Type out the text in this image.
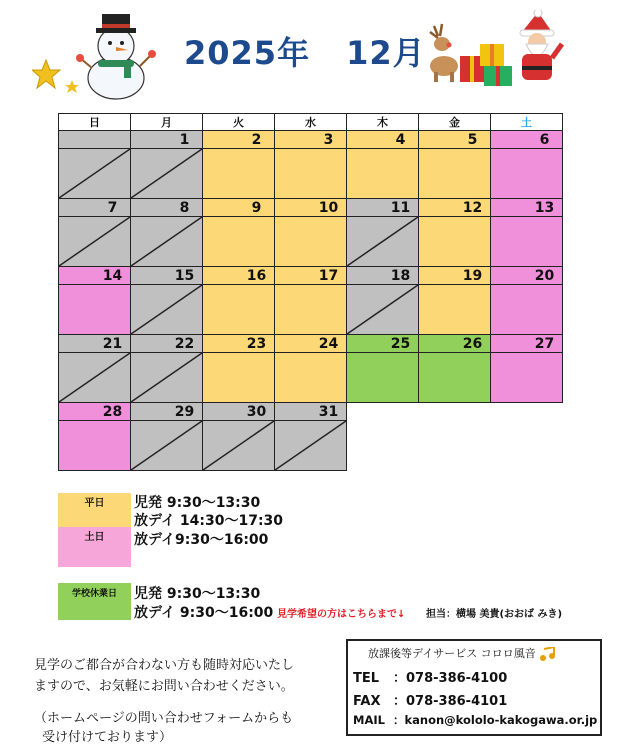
2025年 12月
日	月	火	水	木	金	土

	1	2	3	4	5	6

7	8	9	10	11	12	13

14	15	16	17	18	19	20

21	22	23	24	25	26	27

28	29	30	31			

平日
土日
児発 9:30～13:30
放デイ 14:30～17:30
放デイ9:30～16:00
学校休業日	児発 9:30～13:30
放デイ 9:30～16:00 見学希望の方はこちらまで↓ 担当：横場 美貴(おおば みき)
見学のご都合が合わない方も随時対応いたし
ますので、お気軽にお問い合わせください。
（ホームページの問い合わせフォームからも
受け付けております）
放課後等デイサービス コロロ風音
TEL ：078-386-4100
FAX ：078-386-4101
MAIL ：kanon@kololo-kakogawa.or.jp
